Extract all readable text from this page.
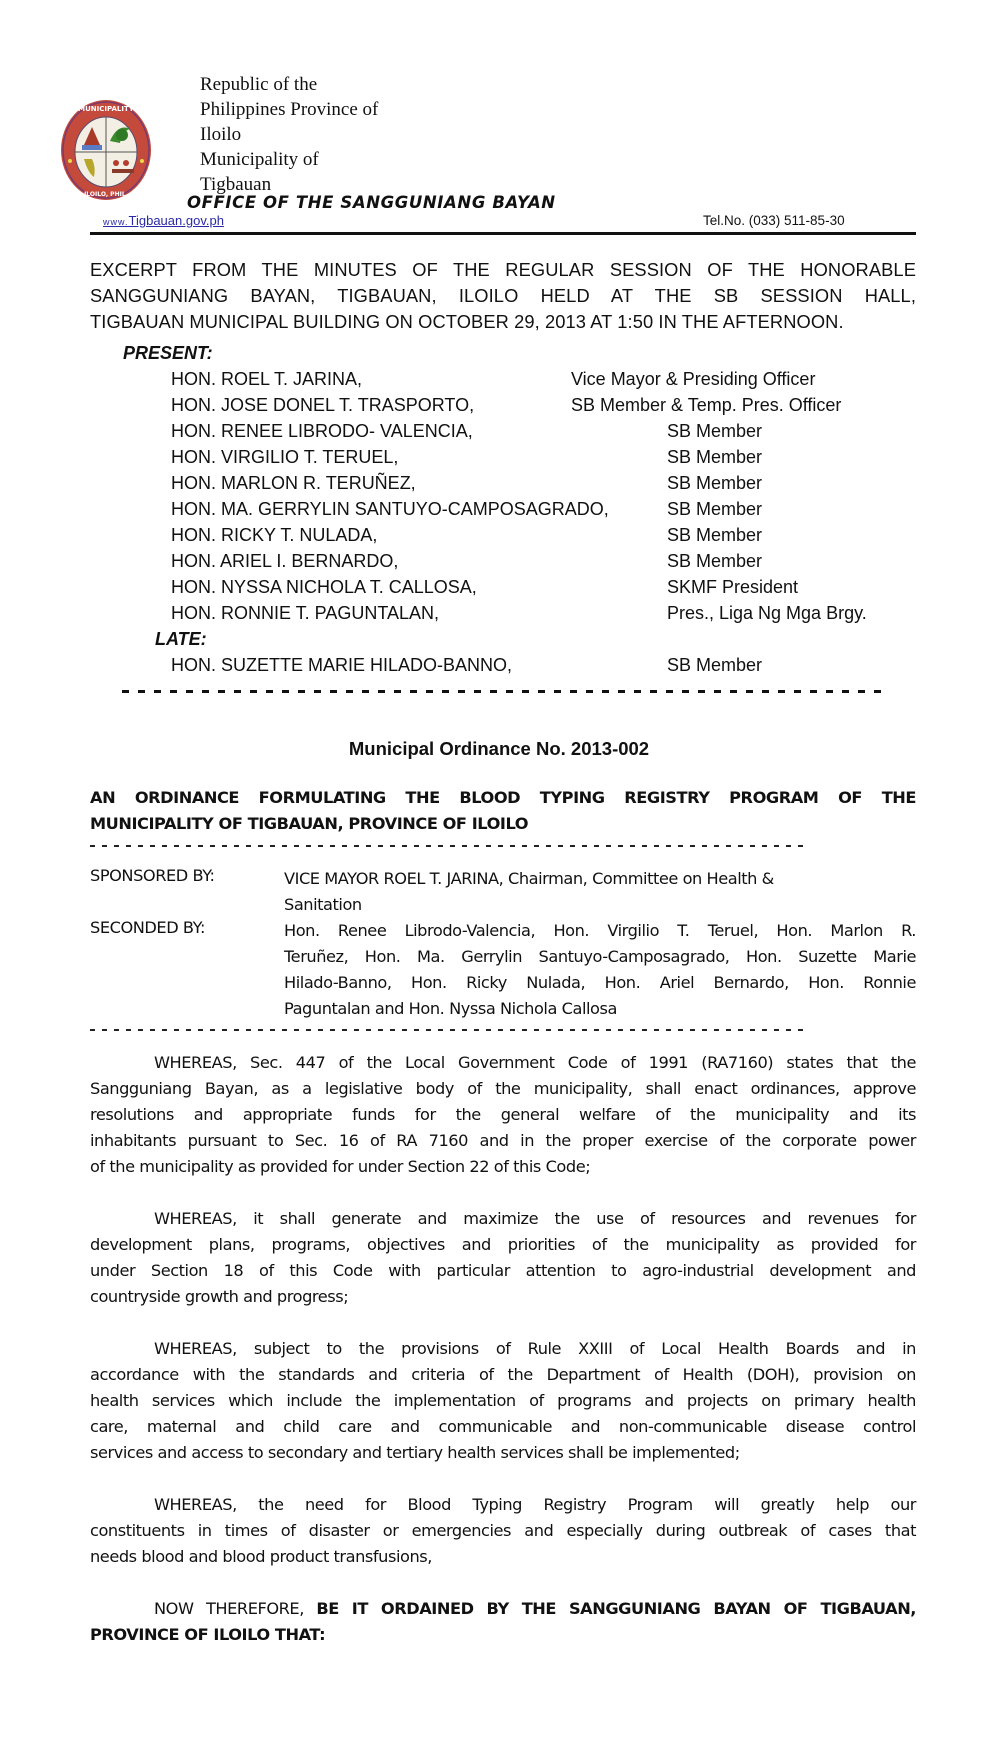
MUNICIPALITY
ILOILO, PHIL.
Republic of the
Philippines Province of
Iloilo
Municipality of
Tigbauan
OFFICE OF THE SANGGUNIANG BAYAN
www.Tigbauan.gov.ph	Tel.No. (033) 511-85-30
EXCERPT FROM THE MINUTES OF THE REGULAR SESSION OF THE HONORABLE
SANGGUNIANG BAYAN, TIGBAUAN, ILOILO HELD AT THE SB SESSION HALL,
TIGBAUAN MUNICIPAL BUILDING ON OCTOBER 29, 2013 AT 1:50 IN THE AFTERNOON.
PRESENT:
HON. ROEL T. JARINA,	Vice Mayor & Presiding Officer
HON. JOSE DONEL T. TRASPORTO,	SB Member & Temp. Pres. Officer
HON. RENEE LIBRODO- VALENCIA,	SB Member
HON. VIRGILIO T. TERUEL,	SB Member
HON. MARLON R. TERUÑEZ,	SB Member
HON. MA. GERRYLIN SANTUYO-CAMPOSAGRADO,	SB Member
HON. RICKY T. NULADA,	SB Member
HON. ARIEL I. BERNARDO,	SB Member
HON. NYSSA NICHOLA T. CALLOSA,	SKMF President
HON. RONNIE T. PAGUNTALAN,	Pres., Liga Ng Mga Brgy.
LATE:
HON. SUZETTE MARIE HILADO-BANNO,	SB Member
Municipal Ordinance No. 2013-002
AN ORDINANCE FORMULATING THE BLOOD TYPING REGISTRY PROGRAM OF THE
MUNICIPALITY OF TIGBAUAN, PROVINCE OF ILOILO
SPONSORED BY:	VICE MAYOR ROEL T. JARINA, Chairman, Committee on Health &
Sanitation
SECONDED BY:	Hon. Renee Librodo-Valencia, Hon. Virgilio T. Teruel, Hon. Marlon R.
Teruñez, Hon. Ma. Gerrylin Santuyo-Camposagrado, Hon. Suzette Marie
Hilado-Banno, Hon. Ricky Nulada, Hon. Ariel Bernardo, Hon. Ronnie
Paguntalan and Hon. Nyssa Nichola Callosa
WHEREAS, Sec. 447 of the Local Government Code of 1991 (RA7160) states that the
Sangguniang Bayan, as a legislative body of the municipality, shall enact ordinances, approve
resolutions and appropriate funds for the general welfare of the municipality and its
inhabitants pursuant to Sec. 16 of RA 7160 and in the proper exercise of the corporate power
of the municipality as provided for under Section 22 of this Code;
WHEREAS, it shall generate and maximize the use of resources and revenues for
development plans, programs, objectives and priorities of the municipality as provided for
under Section 18 of this Code with particular attention to agro-industrial development and
countryside growth and progress;
WHEREAS, subject to the provisions of Rule XXIII of Local Health Boards and in
accordance with the standards and criteria of the Department of Health (DOH), provision on
health services which include the implementation of programs and projects on primary health
care, maternal and child care and communicable and non-communicable disease control
services and access to secondary and tertiary health services shall be implemented;
WHEREAS, the need for Blood Typing Registry Program will greatly help our
constituents in times of disaster or emergencies and especially during outbreak of cases that
needs blood and blood product transfusions,
NOW THEREFORE, BE IT ORDAINED BY THE SANGGUNIANG BAYAN OF TIGBAUAN,
PROVINCE OF ILOILO THAT:
